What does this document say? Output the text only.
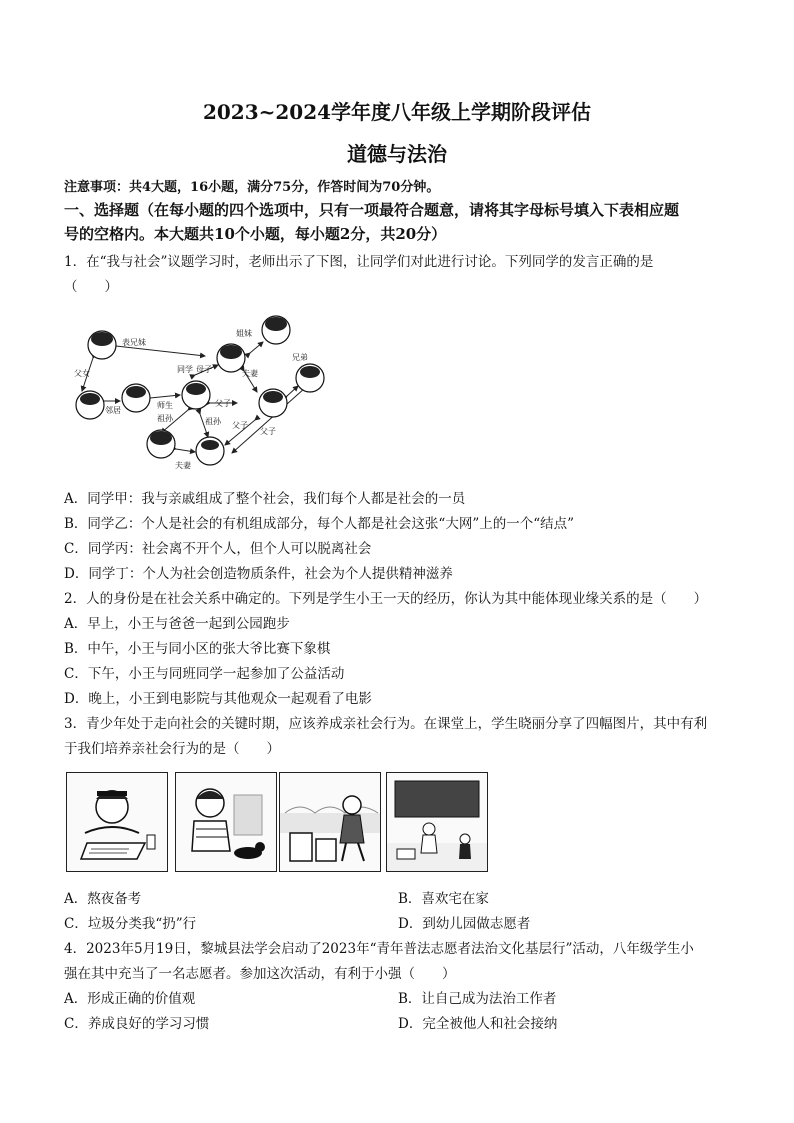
2023~2024学年度八年级上学期阶段评估
道德与法治
注意事项：共4大题，16小题，满分75分，作答时间为70分钟。
一、选择题（在每小题的四个选项中，只有一项最符合题意，请将其字母标号填入下表相应题
号的空格内。本大题共10个小题，每小题2分，共20分）
1．在“我与社会”议题学习时，老师出示了下图，让同学们对此进行讨论。下列同学的发言正确的是
（　　）
表兄妹
姐妹
父女	同学 母子	夫妻
兄弟
邻居
师生	父子
祖孙	祖孙 父子
父子
夫妻
A．同学甲：我与亲戚组成了整个社会，我们每个人都是社会的一员
B．同学乙：个人是社会的有机组成部分，每个人都是社会这张“大网”上的一个“结点”
C．同学丙：社会离不开个人，但个人可以脱离社会
D．同学丁：个人为社会创造物质条件，社会为个人提供精神滋养
2．人的身份是在社会关系中确定的。下列是学生小王一天的经历，你认为其中能体现业缘关系的是（　　）
A．早上，小王与爸爸一起到公园跑步
B．中午，小王与同小区的张大爷比赛下象棋
C．下午，小王与同班同学一起参加了公益活动
D．晚上，小王到电影院与其他观众一起观看了电影
3．青少年处于走向社会的关键时期，应该养成亲社会行为。在课堂上，学生晓丽分享了四幅图片，其中有利
于我们培养亲社会行为的是（　　）
A．熬夜备考	B．喜欢宅在家
C．垃圾分类我“扔”行	D．到幼儿园做志愿者
4．2023年5月19日，黎城县法学会启动了2023年“青年普法志愿者法治文化基层行”活动，八年级学生小
强在其中充当了一名志愿者。参加这次活动，有利于小强（　　）
A．形成正确的价值观	B．让自己成为法治工作者
C．养成良好的学习习惯	D．完全被他人和社会接纳
